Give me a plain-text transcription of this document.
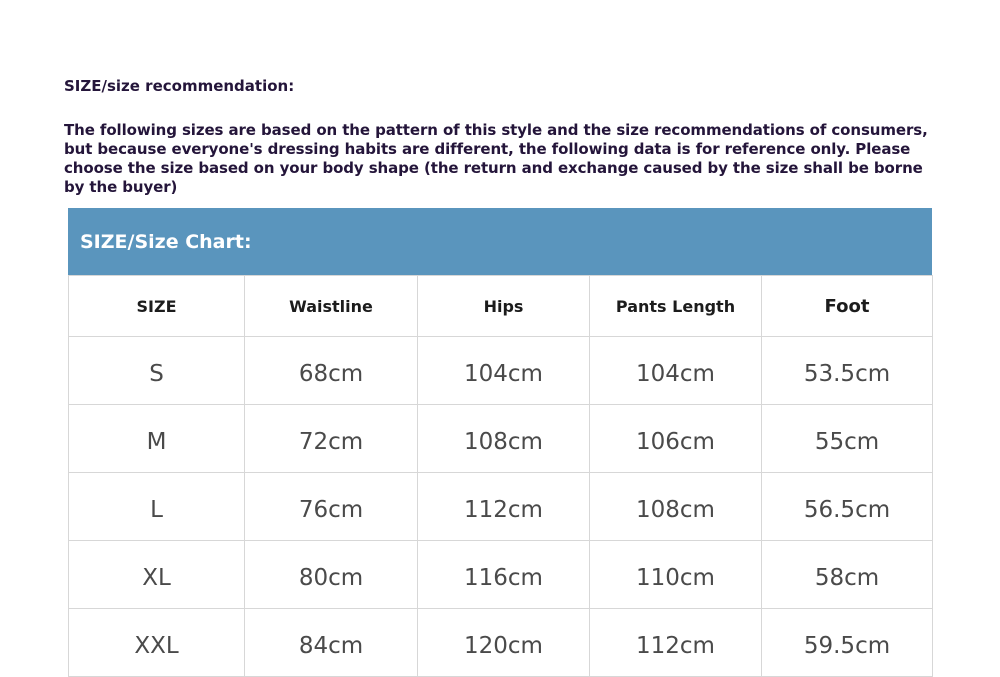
SIZE/size recommendation:

The following sizes are based on the pattern of this style and the size recommendations of consumers, but because everyone's dressing habits are different, the following data is for reference only. Please choose the size based on your body shape (the return and exchange caused by the size shall be borne by the buyer)

SIZE/Size Chart:
SIZE	Waistline	Hips	Pants Length	Foot
S	68cm	104cm	104cm	53.5cm
M	72cm	108cm	106cm	55cm
L	76cm	112cm	108cm	56.5cm
XL	80cm	116cm	110cm	58cm
XXL	84cm	120cm	112cm	59.5cm
